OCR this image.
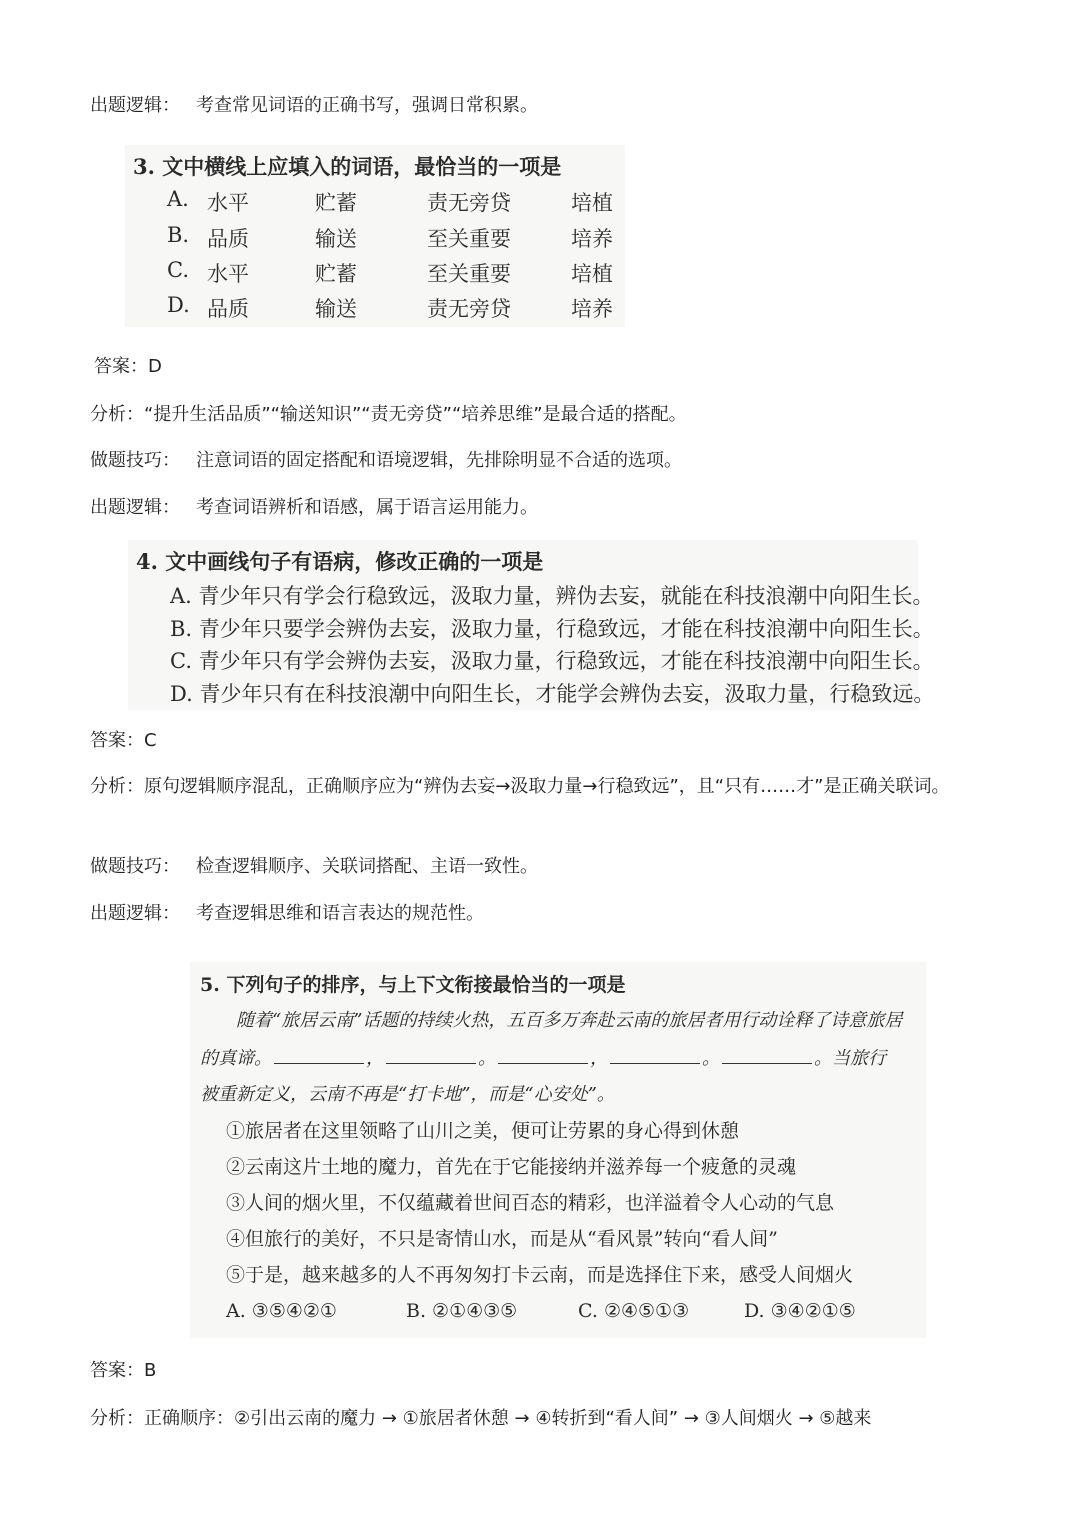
出题逻辑： 考查常见词语的正确书写，强调日常积累。
3. 文中横线上应填入的词语，最恰当的一项是
A. 水平	贮蓄	责无旁贷	培植
B. 品质	输送	至关重要	培养
C. 水平	贮蓄	至关重要	培植
D. 品质	输送	责无旁贷	培养
答案：D
分析：“提升生活品质”“输送知识”“责无旁贷”“培养思维”是最合适的搭配。
做题技巧： 注意词语的固定搭配和语境逻辑，先排除明显不合适的选项。
出题逻辑： 考查词语辨析和语感，属于语言运用能力。
4. 文中画线句子有语病，修改正确的一项是
A. 青少年只有学会行稳致远，汲取力量，辨伪去妄，就能在科技浪潮中向阳生长。
B. 青少年只要学会辨伪去妄，汲取力量，行稳致远，才能在科技浪潮中向阳生长。
C. 青少年只有学会辨伪去妄，汲取力量，行稳致远，才能在科技浪潮中向阳生长。
D. 青少年只有在科技浪潮中向阳生长，才能学会辨伪去妄，汲取力量，行稳致远。
答案：C
分析：原句逻辑顺序混乱，正确顺序应为“辨伪去妄→汲取力量→行稳致远”，且“只有……才”是正确关联词。
做题技巧： 检查逻辑顺序、关联词搭配、主语一致性。
出题逻辑： 考查逻辑思维和语言表达的规范性。
5. 下列句子的排序，与上下文衔接最恰当的一项是
随着“旅居云南”话题的持续火热，五百多万奔赴云南的旅居者用行动诠释了诗意旅居
的真谛。	，	。	，	。	。当旅行
被重新定义，云南不再是“打卡地”，而是“心安处”。
①旅居者在这里领略了山川之美，便可让劳累的身心得到休憩
②云南这片土地的魔力，首先在于它能接纳并滋养每一个疲惫的灵魂
③人间的烟火里，不仅蕴藏着世间百态的精彩，也洋溢着令人心动的气息
④但旅行的美好，不只是寄情山水，而是从“看风景”转向“看人间”
⑤于是，越来越多的人不再匆匆打卡云南，而是选择住下来，感受人间烟火
A. ③⑤④②①	B. ②①④③⑤	C. ②④⑤①③	D. ③④②①⑤
答案：B
分析：正确顺序：②引出云南的魔力 → ①旅居者休憩 → ④转折到“看人间” → ③人间烟火 → ⑤越来
